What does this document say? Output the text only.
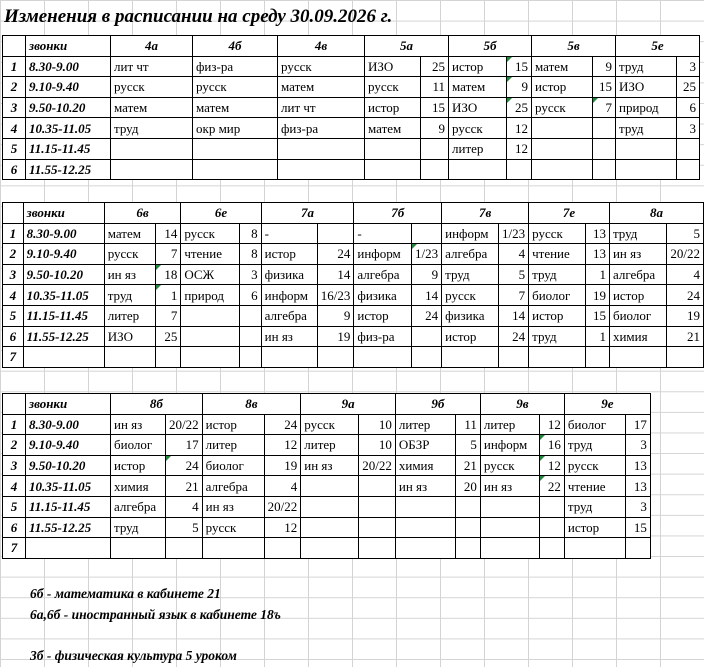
Изменения в расписании на среду 30.09.2026 г.
	звонки	4а	4б	4в	5а		5б		5в		5е	
1	8.30-9.00	лит чт	физ-ра	русск	ИЗО	25	истор	15	матем	9	труд	3
2	9.10-9.40	русск	русск	матем	русск	11	матем	9	истор	15	ИЗО	25
3	9.50-10.20	матем	матем	лит чт	истор	15	ИЗО	25	русск	7	природ	6
4	10.35-11.05	труд	окр мир	физ-ра	матем	9	русск	12			труд	3
5	11.15-11.45						литер	12				
6	11.55-12.25											
	звонки	6в		6е		7а		7б		7в		7е		8а	
1	8.30-9.00	матем	14	русск	8	-		-		информ	1/23	русск	13	труд	5
2	9.10-9.40	русск	7	чтение	8	истор	24	информ	1/23	алгебра	4	чтение	13	ин яз	20/22
3	9.50-10.20	ин яз	18	ОСЖ	3	физика	14	алгебра	9	труд	5	труд	1	алгебра	4
4	10.35-11.05	труд	1	природ	6	информ	16/23	физика	14	русск	7	биолог	19	истор	24
5	11.15-11.45	литер	7			алгебра	9	истор	24	физика	14	истор	15	биолог	19
6	11.55-12.25	ИЗО	25			ин яз	19	физ-ра		истор	24	труд	1	химия	21
7															
	звонки	8б		8в		9а		9б		9в		9е	
1	8.30-9.00	ин яз	20/22	истор	24	русск	10	литер	11	литер	12	биолог	17
2	9.10-9.40	биолог	17	литер	12	литер	10	ОБЗР	5	информ	16	труд	3
3	9.50-10.20	истор	24	биолог	19	ин яз	20/22	химия	21	русск	12	русск	13
4	10.35-11.05	химия	21	алгебра	4			ин яз	20	ин яз	22	чтение	13
5	11.15-11.45	алгебра	4	ин яз	20/22							труд	3
6	11.55-12.25	труд	5	русск	12							истор	15
7													
6б - математика в кабинете 21
6а,6б - иностранный язык в кабинете 18ъ
3б - физическая культура 5 уроком
